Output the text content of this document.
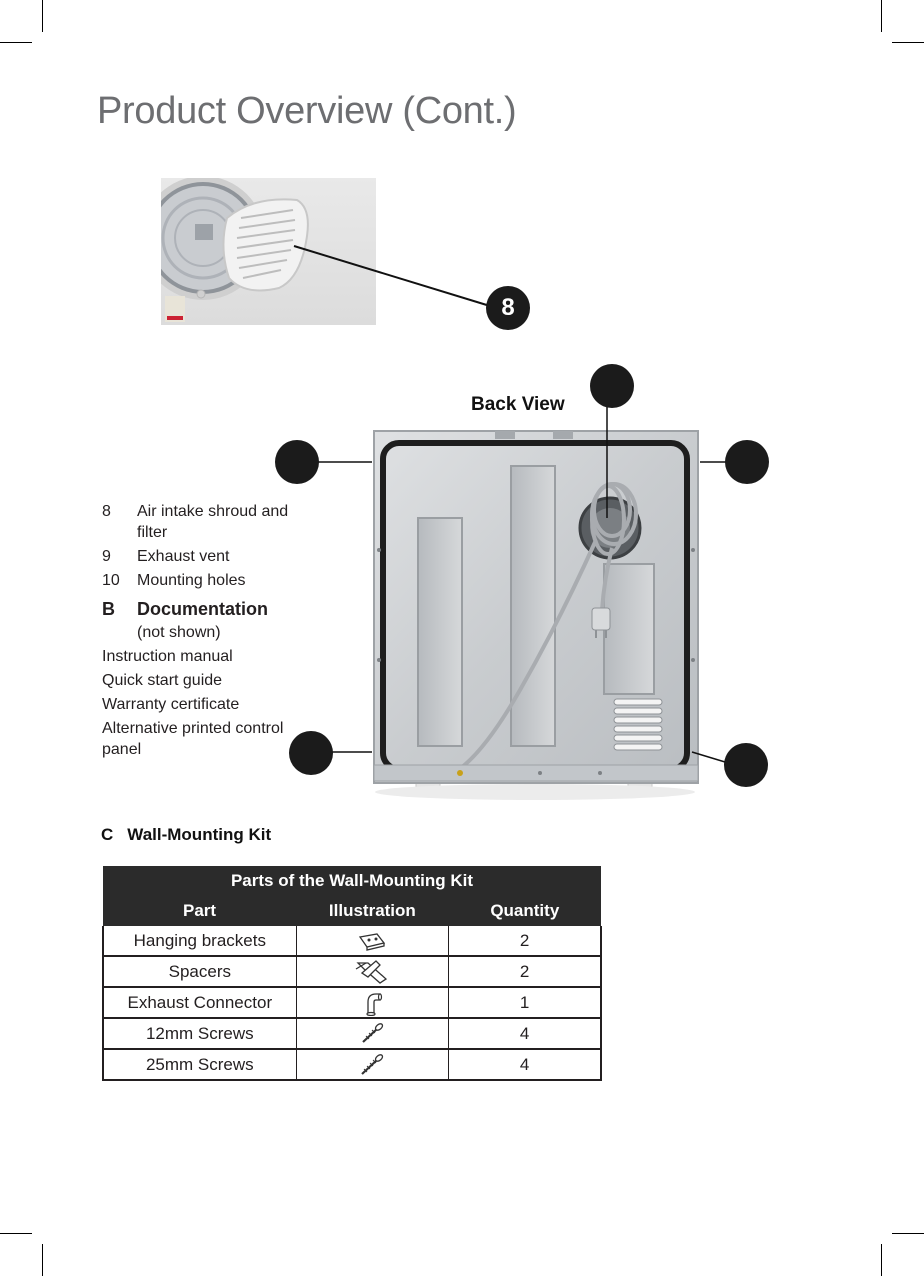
Product Overview (Cont.)
8
Back View
8 Air intake shroud and
filter
9 Exhaust vent
10 Mounting holes
B Documentation
(not shown)
Instruction manual
Quick start guide
Warranty certificate
Alternative printed control
panel
C Wall-Mounting Kit
Parts of the Wall-Mounting Kit		
Part	Illustration	Quantity
Hanging brackets		2
Spacers		2
Exhaust Connector		1
12mm Screws		4
25mm Screws		4
